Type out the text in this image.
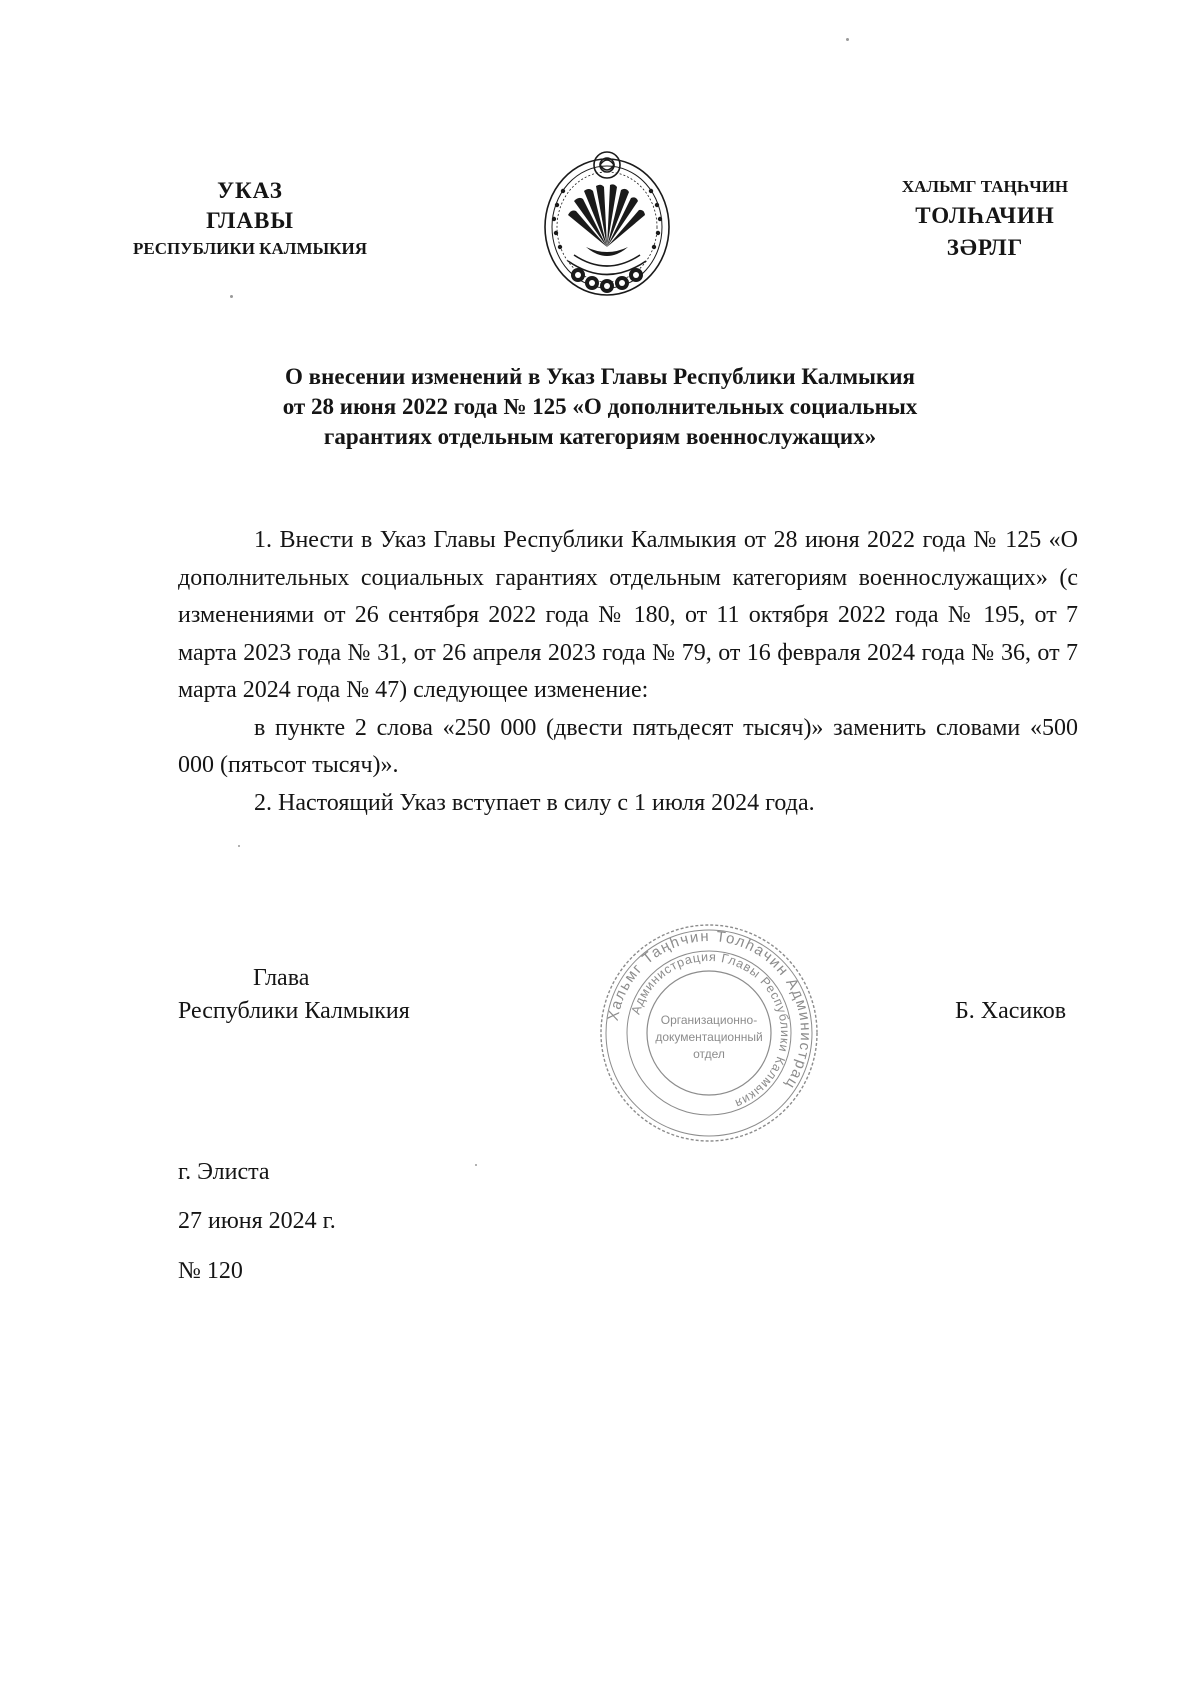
УКАЗ
ГЛАВЫ
РЕСПУБЛИКИ КАЛМЫКИЯ
ХАЛЬМГ ТАҢҺЧИН
ТОЛҺАЧИН
ЗӘРЛГ
О внесении изменений в Указ Главы Республики Калмыкия
от 28 июня 2022 года № 125 «О дополнительных социальных
гарантиях отдельным категориям военнослужащих»

1. Внести в Указ Главы Республики Калмыкия от 28 июня 2022 года № 125 «О дополнительных социальных гарантиях отдельным категориям военнослужащих» (с изменениями от 26 сентября 2022 года № 180, от 11 октября 2022 года № 195, от 7 марта 2023 года № 31, от 26 апреля 2023 года № 79, от 16 февраля 2024 года № 36, от 7 марта 2024 года № 47) следующее изменение:

в пункте 2 слова «250 000 (двести пятьдесят тысяч)» заменить словами «500 000 (пятьсот тысяч)».

2. Настоящий Указ вступает в силу с 1 июля 2024 года.

Глава
Республики Калмыкия	Б. Хасиков
Хальмг Таңһчин Толһачин Администрац
Администрация Главы Республики Калмыкия
Организационно-
документационный
отдел
г. Элиста
27 июня 2024 г.
№ 120
